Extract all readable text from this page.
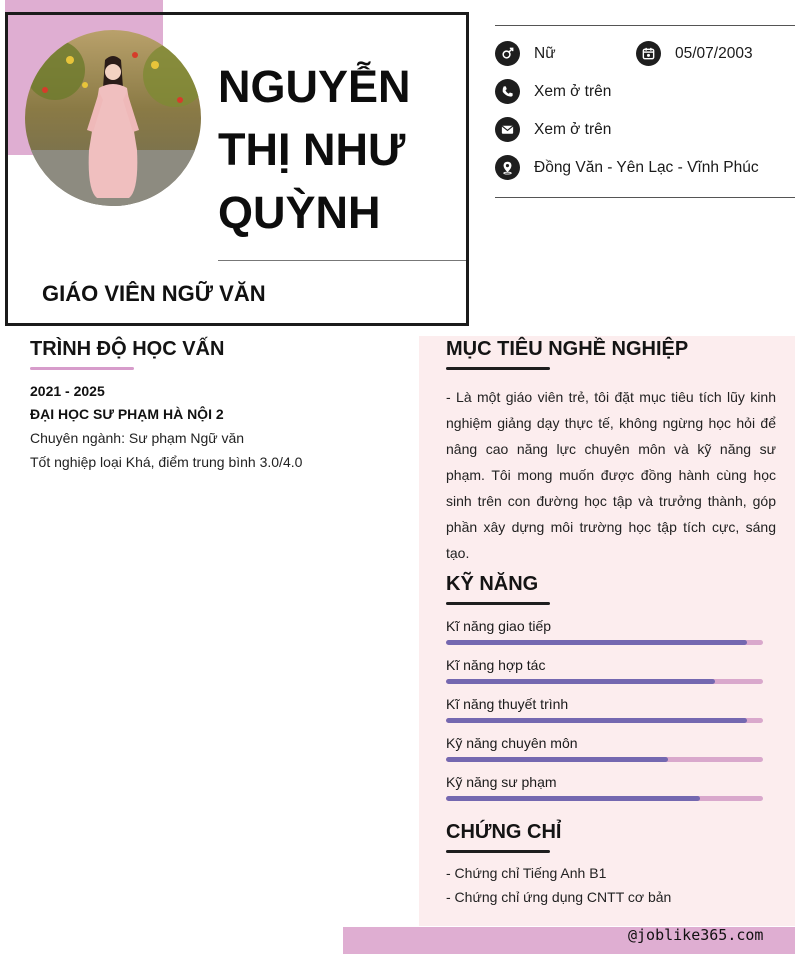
NGUYỄN
THỊ NHƯ
QUỲNH
GIÁO VIÊN NGỮ VĂN
Nữ	05/07/2003
Xem ở trên
Xem ở trên
Đồng Văn - Yên Lạc - Vĩnh Phúc
TRÌNH ĐỘ HỌC VẤN
2021 - 2025
ĐẠI HỌC SƯ PHẠM HÀ NỘI 2
Chuyên ngành: Sư phạm Ngữ văn
Tốt nghiệp loại Khá, điểm trung bình 3.0/4.0
MỤC TIÊU NGHỀ NGHIỆP
- Là một giáo viên trẻ, tôi đặt mục tiêu tích lũy kinh nghiệm giảng dạy thực tế, không ngừng học hỏi để nâng cao năng lực chuyên môn và kỹ năng sư phạm. Tôi mong muốn được đồng hành cùng học sinh trên con đường học tập và trưởng thành, góp phần xây dựng môi trường học tập tích cực, sáng tạo.
KỸ NĂNG
Kĩ năng giao tiếp
Kĩ năng hợp tác
Kĩ năng thuyết trình
Kỹ năng chuyên môn
Kỹ năng sư phạm
CHỨNG CHỈ
- Chứng chỉ Tiếng Anh B1
- Chứng chỉ ứng dụng CNTT cơ bản
@joblike365.com
